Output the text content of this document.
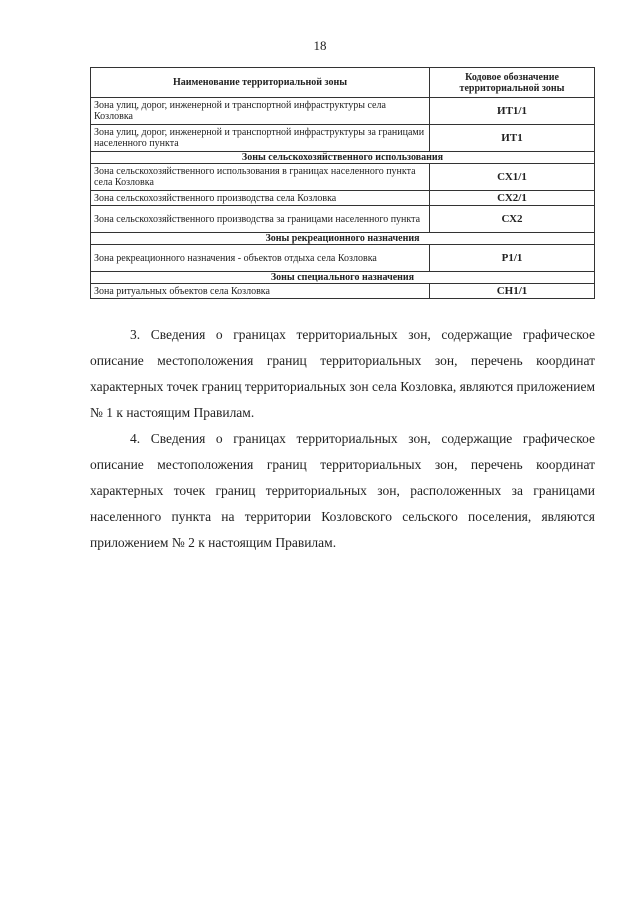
18
Наименование территориальной зоны	Кодовое обозначение территориальной зоны
Зона улиц, дорог, инженерной и транспортной инфраструктуры села Козловка	ИТ1/1
Зона улиц, дорог, инженерной и транспортной инфраструктуры за границами населенного пункта	ИТ1
Зоны сельскохозяйственного использования	
Зона сельскохозяйственного использования в границах населенного пункта села Козловка	СХ1/1
Зона сельскохозяйственного производства села Козловка	СХ2/1
Зона сельскохозяйственного производства за границами населенного пункта	СХ2
Зоны рекреационного назначения	
Зона рекреационного назначения - объектов отдыха села Козловка	Р1/1
Зоны специального назначения	
Зона ритуальных объектов села Козловка	СН1/1

3. Сведения о границах территориальных зон, содержащие графическое описание местоположения границ территориальных зон, перечень координат характерных точек границ территориальных зон села Козловка, являются приложением № 1 к настоящим Правилам.

4. Сведения о границах территориальных зон, содержащие графическое описание местоположения границ территориальных зон, перечень координат характерных точек границ территориальных зон, расположенных за границами населенного пункта на территории Козловского сельского поселения, являются приложением № 2 к настоящим Правилам.
